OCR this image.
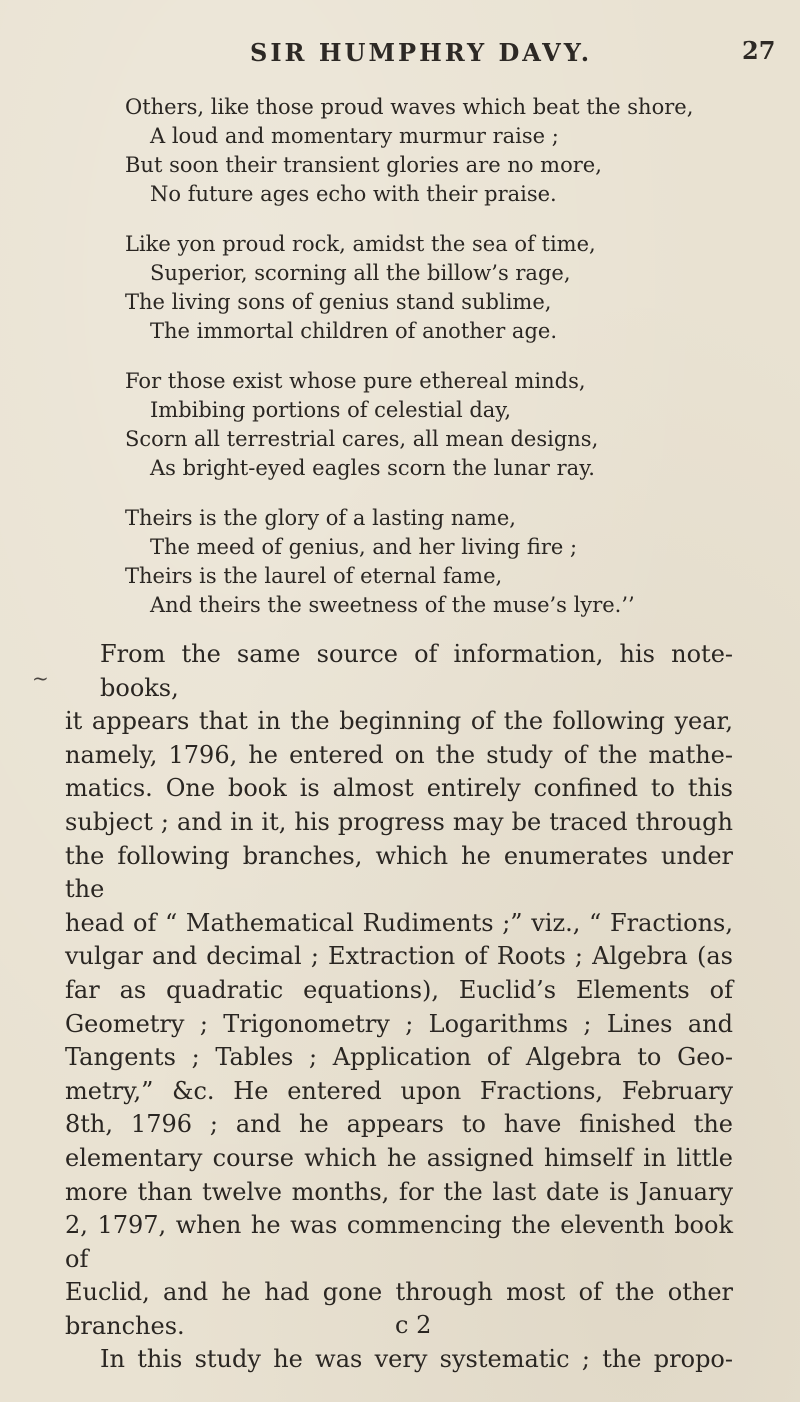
SIR HUMPHRY DAVY.	27
Others, like those proud waves which beat the shore,
A loud and momentary murmur raise ;
But soon their transient glories are no more,
No future ages echo with their praise.
Like yon proud rock, amidst the sea of time,
Superior, scorning all the billow’s rage,
The living sons of genius stand sublime,
The immortal children of another age.
For those exist whose pure ethereal minds,
Imbibing portions of celestial day,
Scorn all terrestrial cares, all mean designs,
As bright-eyed eagles scorn the lunar ray.
Theirs is the glory of a lasting name,
The meed of genius, and her living fire ;
Theirs is the laurel of eternal fame,
And theirs the sweetness of the muse’s lyre.’’
~
From the same source of information, his note-books,
it appears that in the beginning of the following year,
namely, 1796, he entered on the study of the mathe-
matics. One book is almost entirely confined to this
subject ; and in it, his progress may be traced through
the following branches, which he enumerates under the
head of “ Mathematical Rudiments ;” viz., “ Fractions,
vulgar and decimal ; Extraction of Roots ; Algebra (as
far as quadratic equations), Euclid’s Elements of
Geometry ; Trigonometry ; Logarithms ; Lines and
Tangents ; Tables ; Application of Algebra to Geo-
metry,” &c. He entered upon Fractions, February
8th, 1796 ; and he appears to have finished the
elementary course which he assigned himself in little
more than twelve months, for the last date is January
2, 1797, when he was commencing the eleventh book of
Euclid, and he had gone through most of the other
branches.
In this study he was very systematic ; the propo-
c 2
